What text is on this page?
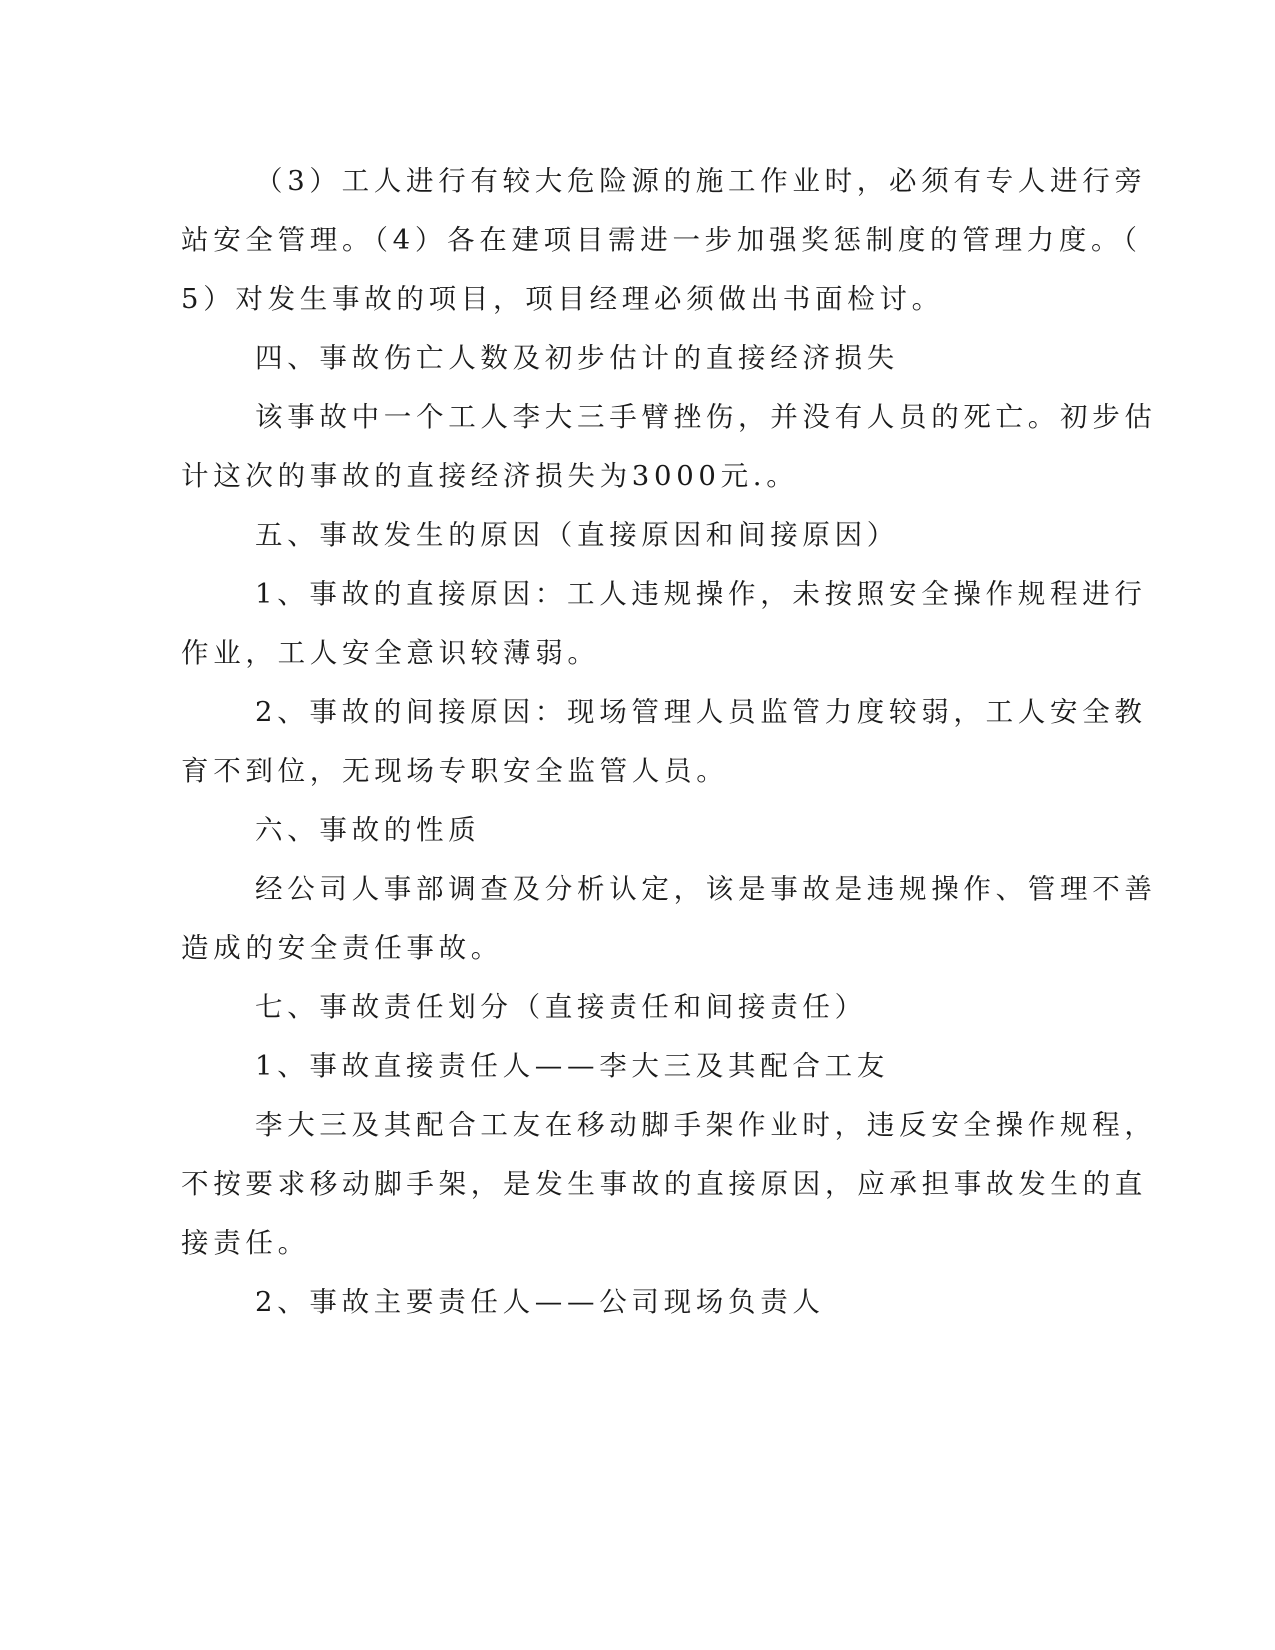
（3）工人进行有较大危险源的施工作业时，必须有专人进行旁
站安全管理。（4）各在建项目需进一步加强奖惩制度的管理力度。（
5）对发生事故的项目，项目经理必须做出书面检讨。
四、事故伤亡人数及初步估计的直接经济损失
该事故中一个工人李大三手臂挫伤，并没有人员的死亡。初步估
计这次的事故的直接经济损失为3000元.。
五、事故发生的原因（直接原因和间接原因）
1、事故的直接原因：工人违规操作，未按照安全操作规程进行
作业，工人安全意识较薄弱。
2、事故的间接原因：现场管理人员监管力度较弱，工人安全教
育不到位，无现场专职安全监管人员。
六、事故的性质
经公司人事部调查及分析认定，该是事故是违规操作、管理不善
造成的安全责任事故。
七、事故责任划分（直接责任和间接责任）
1、事故直接责任人——李大三及其配合工友
李大三及其配合工友在移动脚手架作业时，违反安全操作规程，
不按要求移动脚手架，是发生事故的直接原因，应承担事故发生的直
接责任。
2、事故主要责任人——公司现场负责人
